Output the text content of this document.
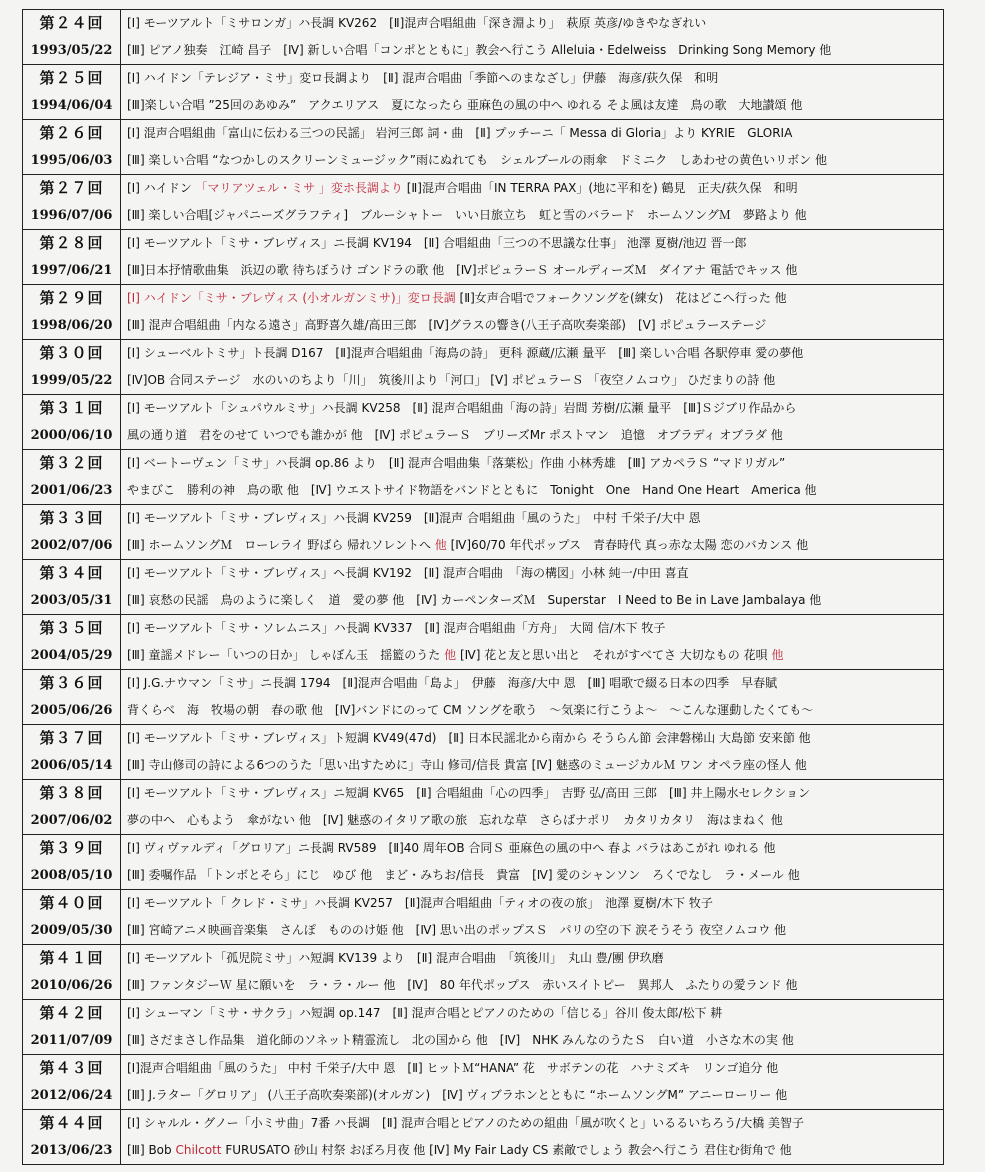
第２４回
1993/05/22	[Ⅰ] モーツアルト「ミサロンガ」ハ長調 KV262　[Ⅱ]混声合唱組曲「深き淵より」　萩原 英彦/ゆきやなぎれい
[Ⅲ] ピアノ独奏　江崎 昌子　[Ⅳ] 新しい合唱「コンポとともに」教会へ行こう Alleluia・Edelweiss　Drinking Song Memory 他

第２５回
1994/06/04	[Ⅰ] ハイドン「テレジア・ミサ」変ロ長調より　[Ⅱ] 混声合唱曲「季節へのまなざし」伊藤　海彦/荻久保　和明
[Ⅲ]楽しい合唱 ”25回のあゆみ”　アクエリアス　夏になったら 亜麻色の風の中へ ゆれる そよ風は友達　鳥の歌　大地讃頌 他

第２６回
1995/06/03	[Ⅰ] 混声合唱組曲「富山に伝わる三つの民謡」 岩河三郎 詞・曲　[Ⅱ] プッチーニ「 Messa di Gloria」より KYRIE　GLORIA
[Ⅲ] 楽しい合唱 “なつかしのスクリーンミュージック”雨にぬれても　シェルブールの雨傘　ドミニク　しあわせの黄色いリボン 他

第２７回
1996/07/06	[Ⅰ] ハイドン 「マリアツェル・ミサ 」変ホ長調より [Ⅱ]混声合唱曲「IN TERRA PAX」(地に平和を) 鶴見　正夫/荻久保　和明
[Ⅲ] 楽しい合唱[ジャパニーズグラフティ]　ブルーシャトー　いい日旅立ち　虹と雪のバラード　ホームソングＭ　夢路より 他

第２８回
1997/06/21	[Ⅰ] モーツアルト「ミサ・ブレヴィス」ニ長調 KV194　[Ⅱ] 合唱組曲「三つの不思議な仕事」 池澤 夏樹/池辺 晋一郎
[Ⅲ]日本抒情歌曲集　浜辺の歌 待ちぼうけ ゴンドラの歌 他　[Ⅳ]ポピュラーＳ オールディーズＭ　ダイアナ 電話でキッス 他

第２９回
1998/06/20	[Ⅰ] ハイドン「ミサ・ブレヴィス (小オルガンミサ)」変ロ長調 [Ⅱ]女声合唱でフォークソングを(練女)　花はどこへ行った 他
[Ⅲ] 混声合唱組曲「内なる遠さ」高野喜久雄/高田三郎　[Ⅳ]グラスの響き(八王子高吹奏楽部)　[Ⅴ] ポピュラーステージ

第３０回
1999/05/22	[Ⅰ] シューベルトミサ」ト長調 D167　[Ⅱ]混声合唱組曲「海鳥の詩」 更科 源蔵/広瀬 量平　[Ⅲ] 楽しい合唱 各駅停車 愛の夢他
[Ⅳ]OB 合同ステージ　水のいのちより「川」　筑後川より「河口」 [Ⅴ] ポピュラーＳ 「夜空ノムコウ」 ひだまりの詩 他

第３１回
2000/06/10	[Ⅰ] モーツアルト「シュパウルミサ」ハ長調 KV258　[Ⅱ] 混声合唱組曲「海の詩」岩間 芳樹/広瀬 量平　[Ⅲ]Ｓジブリ作品から
風の通り道　君をのせて いつでも誰かが 他　[Ⅳ] ポピュラーＳ　ブリーズMr ポストマン　追憶　オブラディ オブラダ 他

第３２回
2001/06/23	[Ⅰ] ベートーヴェン「ミサ」ハ長調 op.86 より　[Ⅱ] 混声合唱曲集「落葉松」作曲 小林秀雄　[Ⅲ] アカペラＳ “マドリガル”
やまびこ　勝利の神　鳥の歌 他　[Ⅳ] ウエストサイド物語をバンドとともに　Tonight　One　Hand One Heart　America 他

第３３回
2002/07/06	[Ⅰ] モーツアルト「ミサ・ブレヴィス」ハ長調 KV259　[Ⅱ]混声 合唱組曲「風のうた」　中村 千栄子/大中 恩
[Ⅲ] ホームソングＭ　ローレライ 野ばら 帰れソレントへ 他 [Ⅳ]60/70 年代ポップス　青春時代 真っ赤な太陽 恋のバカンス 他

第３４回
2003/05/31	[Ⅰ] モーツアルト「ミサ・ブレヴィス」ヘ長調 KV192　[Ⅱ] 混声合唱曲　「海の構図」小林 純一/中田 喜直
[Ⅲ] 哀愁の民謡　鳥のように楽しく　道　愛の夢 他　[Ⅳ] カーペンターズＭ　Superstar　I Need to Be in Lave Jambalaya 他

第３５回
2004/05/29	[Ⅰ] モーツアルト「ミサ・ソレムニス」ハ長調 KV337　[Ⅱ] 混声合唱組曲「方舟」　大岡 信/木下 牧子
[Ⅲ] 童謡メドレー「いつの日か」 しゃぼん玉　揺籃のうた 他 [Ⅳ] 花と友と思い出と　それがすべてさ 大切なもの 花唄 他

第３６回
2005/06/26	[Ⅰ] J.G.ナウマン「ミサ」ニ長調 1794　[Ⅱ]混声合唱曲「島よ」　伊藤　海彦/大中 恩　[Ⅲ] 唱歌で綴る日本の四季　早春賦
背くらべ　海　牧場の朝　春の歌 他　[Ⅳ]バンドにのって CM ソングを歌う　～気楽に行こうよ～　～こんな運動したくても～

第３７回
2006/05/14	[Ⅰ] モーツアルト「ミサ・ブレヴィス」ト短調 KV49(47d)　[Ⅱ] 日本民謡北から南から そうらん節 会津磐梯山 大島節 安来節 他
[Ⅲ] 寺山修司の詩による6つのうた「思い出すために」寺山 修司/信長 貴富 [Ⅳ] 魅惑のミュージカルＭ ワン オペラ座の怪人 他

第３８回
2007/06/02	[Ⅰ] モーツアルト「ミサ・ブレヴィス」ニ短調 KV65　[Ⅱ] 合唱組曲「心の四季」　吉野 弘/高田 三郎　[Ⅲ] 井上陽水セレクション
夢の中へ　心もよう　傘がない 他　[Ⅳ] 魅惑のイタリア歌の旅　忘れな草　さらばナポリ　カタリカタリ　海はまねく 他

第３９回
2008/05/10	[Ⅰ] ヴィヴァルディ「グロリア」ニ長調 RV589　[Ⅱ]40 周年OB 合同Ｓ 亜麻色の風の中へ 春よ バラはあこがれ ゆれる 他
[Ⅲ] 委嘱作品 「トンボとそら」にじ　ゆび 他　まど・みちお/信長　貴富　[Ⅳ] 愛のシャンソン　ろくでなし　ラ・メール 他

第４０回
2009/05/30	[Ⅰ] モーツアルト「 クレド・ミサ」ハ長調 KV257　[Ⅱ]混声合唱組曲「ティオの夜の旅」　池澤 夏樹/木下 牧子
[Ⅲ] 宮崎アニメ映画音楽集　さんぽ　もののけ姫 他　[Ⅳ] 思い出のポップスＳ　パリの空の下 涙そうそう 夜空ノムコウ 他

第４１回
2010/06/26	[Ⅰ] モーツアルト「孤児院ミサ」ハ短調 KV139 より　[Ⅱ] 混声合唱曲　「筑後川」　丸山 豊/團 伊玖磨
[Ⅲ] ファンタジーＷ 星に願いを　ラ・ラ・ルー 他　[Ⅳ]　80 年代ポップス　赤いスイトピー　異邦人　ふたりの愛ランド 他

第４２回
2011/07/09	[Ⅰ] シューマン「ミサ・サクラ」ハ短調 op.147　[Ⅱ] 混声合唱とピアノのための「信じる」谷川 俊太郎/松下 耕
[Ⅲ] さだまさし作品集　道化師のソネット精霊流し　北の国から 他　[Ⅳ]　NHK みんなのうたＳ　白い道　小さな木の実 他

第４３回
2012/06/24	[Ⅰ]混声合唱組曲「風のうた」 中村 千栄子/大中 恩　[Ⅱ] ヒットＭ“HANA” 花　サボテンの花　ハナミズキ　リンゴ追分 他
[Ⅲ] J.ラター「グロリア」 (八王子高吹奏楽部)(オルガン)　[Ⅳ] ヴィブラホンとともに “ホームソングM” アニーローリー 他

第４４回
2013/06/23	[Ⅰ] シャルル・グノー「小ミサ曲」7番 ハ長調　[Ⅱ] 混声合唱とピアノのための組曲「風が吹くと」いるるいちろう/大橋 美智子
[Ⅲ] Bob Chilcott FURUSATO 砂山 村祭 おぼろ月夜 他 [Ⅳ] My Fair Lady CS 素敵でしょう 教会へ行こう 君住む街角で 他
